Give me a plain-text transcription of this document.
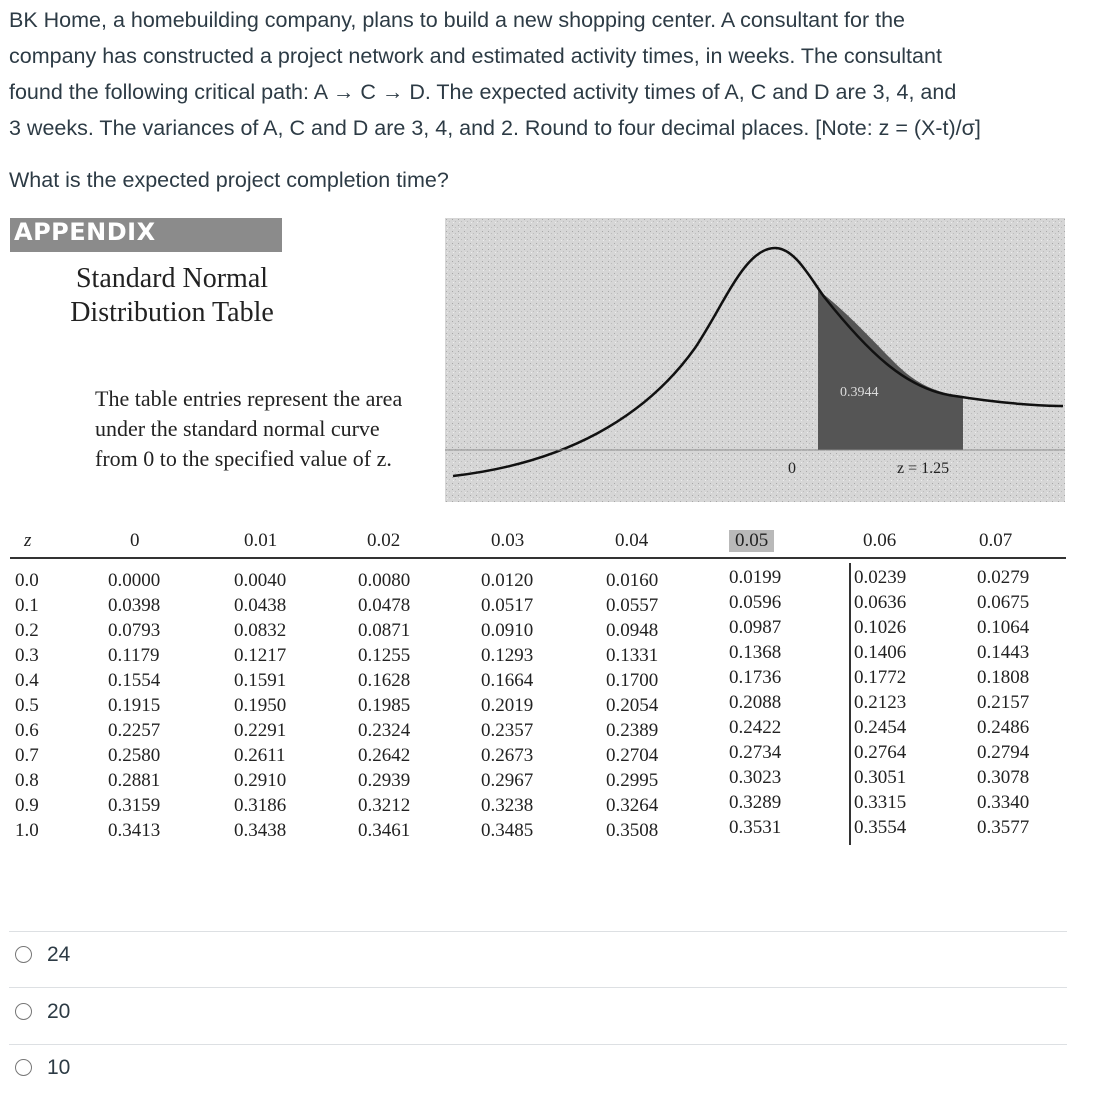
BK Home, a homebuilding company, plans to build a new shopping center. A consultant for the
company has constructed a project network and estimated activity times, in weeks. The consultant
found the following critical path: A → C → D. The expected activity times of A, C and D are 3, 4, and
3 weeks. The variances of A, C and D are 3, 4, and 2. Round to four decimal places. [Note: z = (X-t)/σ]
What is the expected project completion time?
APPENDIX
Standard Normal
Distribution Table
The table entries represent the area
under the standard normal curve
from 0 to the specified value of z.
0.3944
0	z = 1.25
z	0	0.01	0.02	0.03	0.04	0.05	0.06	0.07
0.0	0.0000	0.0040	0.0080	0.0120	0.0160	0.0199	0.0239	0.0279
0.1	0.0398	0.0438	0.0478	0.0517	0.0557	0.0596	0.0636	0.0675
0.2	0.0793	0.0832	0.0871	0.0910	0.0948	0.0987	0.1026	0.1064
0.3	0.1179	0.1217	0.1255	0.1293	0.1331	0.1368	0.1406	0.1443
0.4	0.1554	0.1591	0.1628	0.1664	0.1700	0.1736	0.1772	0.1808
0.5	0.1915	0.1950	0.1985	0.2019	0.2054	0.2088	0.2123	0.2157
0.6	0.2257	0.2291	0.2324	0.2357	0.2389	0.2422	0.2454	0.2486
0.7	0.2580	0.2611	0.2642	0.2673	0.2704	0.2734	0.2764	0.2794
0.8	0.2881	0.2910	0.2939	0.2967	0.2995	0.3023	0.3051	0.3078
0.9	0.3159	0.3186	0.3212	0.3238	0.3264	0.3289	0.3315	0.3340
1.0	0.3413	0.3438	0.3461	0.3485	0.3508	0.3531	0.3554	0.3577
24
20
10
